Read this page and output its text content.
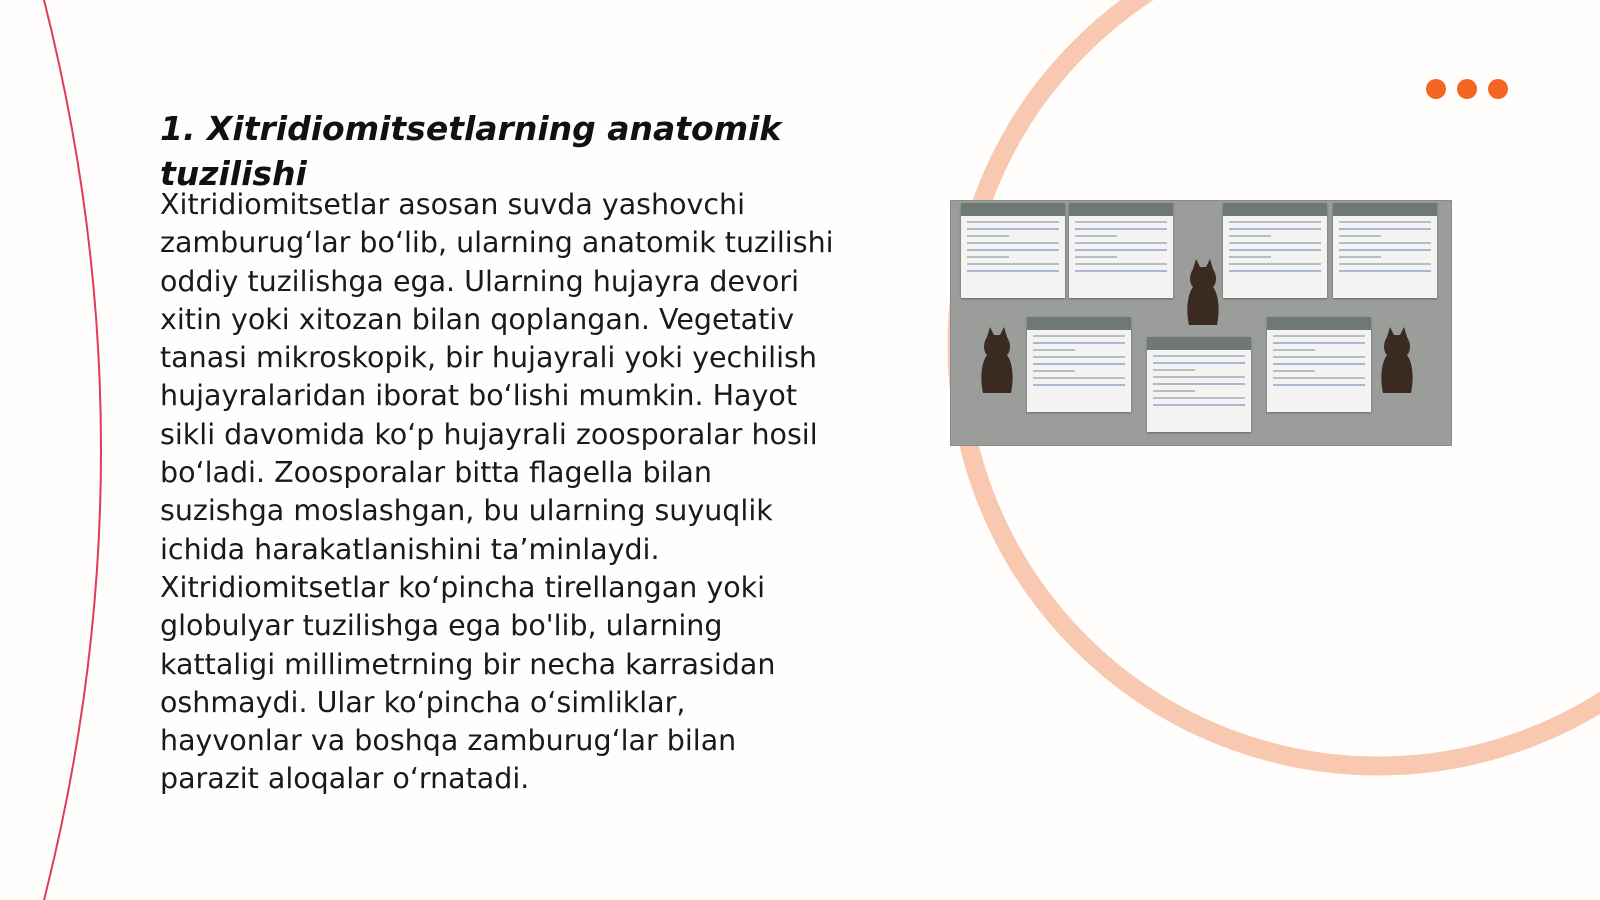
1. Xitridiomitsetlarning anatomik tuzilishi

Xitridiomitsetlar asosan suvda yashovchi zamburug‘lar bo‘lib, ularning anatomik tuzilishi oddiy tuzilishga ega. Ularning hujayra devori xitin yoki xitozan bilan qoplangan. Vegetativ tanasi mikroskopik, bir hujayrali yoki yechilish hujayralaridan iborat bo‘lishi mumkin. Hayot sikli davomida ko‘p hujayrali zoosporalar hosil bo‘ladi. Zoosporalar bitta flagella bilan suzishga moslashgan, bu ularning suyuqlik ichida harakatlanishini ta’minlaydi. Xitridiomitsetlar ko‘pincha tirellangan yoki globulyar tuzilishga ega bo'lib, ularning kattaligi millimetrning bir necha karrasidan oshmaydi. Ular ko‘pincha o‘simliklar, hayvonlar va boshqa zamburug‘lar bilan parazit aloqalar o‘rnatadi.
